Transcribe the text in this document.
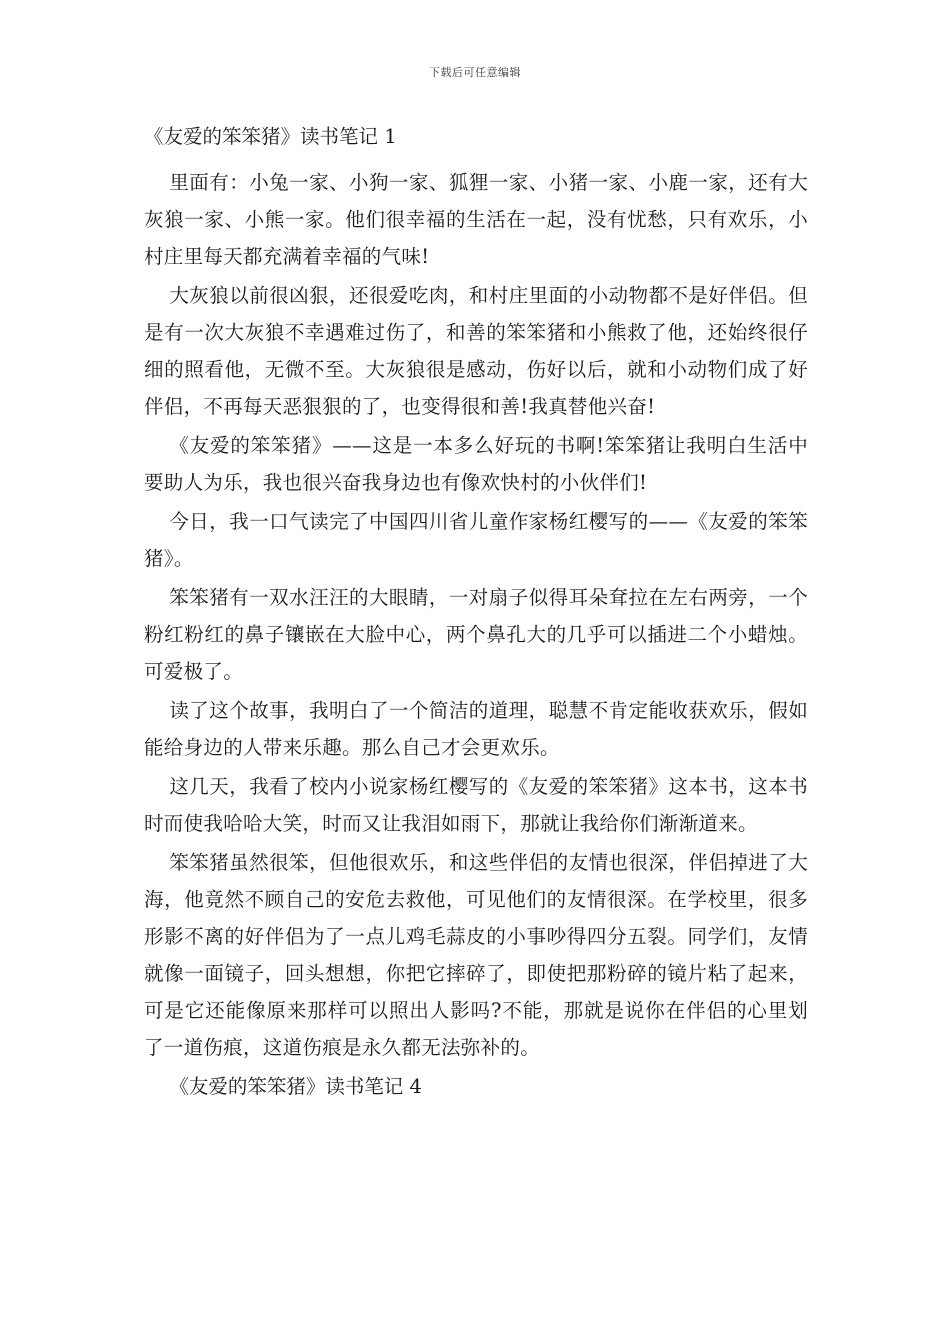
下载后可任意编辑
《友爱的笨笨猪》读书笔记 1

里面有：小兔一家、小狗一家、狐狸一家、小猪一家、小鹿一家，还有大灰狼一家、小熊一家。他们很幸福的生活在一起，没有忧愁，只有欢乐，小村庄里每天都充满着幸福的气味!

大灰狼以前很凶狠，还很爱吃肉，和村庄里面的小动物都不是好伴侣。但是有一次大灰狼不幸遇难过伤了，和善的笨笨猪和小熊救了他，还始终很仔细的照看他，无微不至。大灰狼很是感动，伤好以后，就和小动物们成了好伴侣，不再每天恶狠狠的了，也变得很和善!我真替他兴奋!

《友爱的笨笨猪》——这是一本多么好玩的书啊!笨笨猪让我明白生活中要助人为乐，我也很兴奋我身边也有像欢快村的小伙伴们!

今日，我一口气读完了中国四川省儿童作家杨红樱写的——《友爱的笨笨猪》。

笨笨猪有一双水汪汪的大眼睛，一对扇子似得耳朵耷拉在左右两旁，一个粉红粉红的鼻子镶嵌在大脸中心，两个鼻孔大的几乎可以插进二个小蜡烛。可爱极了。

读了这个故事，我明白了一个简洁的道理，聪慧不肯定能收获欢乐，假如能给身边的人带来乐趣。那么自己才会更欢乐。

这几天，我看了校内小说家杨红樱写的《友爱的笨笨猪》这本书，这本书时而使我哈哈大笑，时而又让我泪如雨下，那就让我给你们渐渐道来。

笨笨猪虽然很笨，但他很欢乐，和这些伴侣的友情也很深，伴侣掉进了大海，他竟然不顾自己的安危去救他，可见他们的友情很深。在学校里，很多形影不离的好伴侣为了一点儿鸡毛蒜皮的小事吵得四分五裂。同学们，友情就像一面镜子，回头想想，你把它摔碎了，即使把那粉碎的镜片粘了起来，可是它还能像原来那样可以照出人影吗?不能，那就是说你在伴侣的心里划了一道伤痕，这道伤痕是永久都无法弥补的。

《友爱的笨笨猪》读书笔记 4
